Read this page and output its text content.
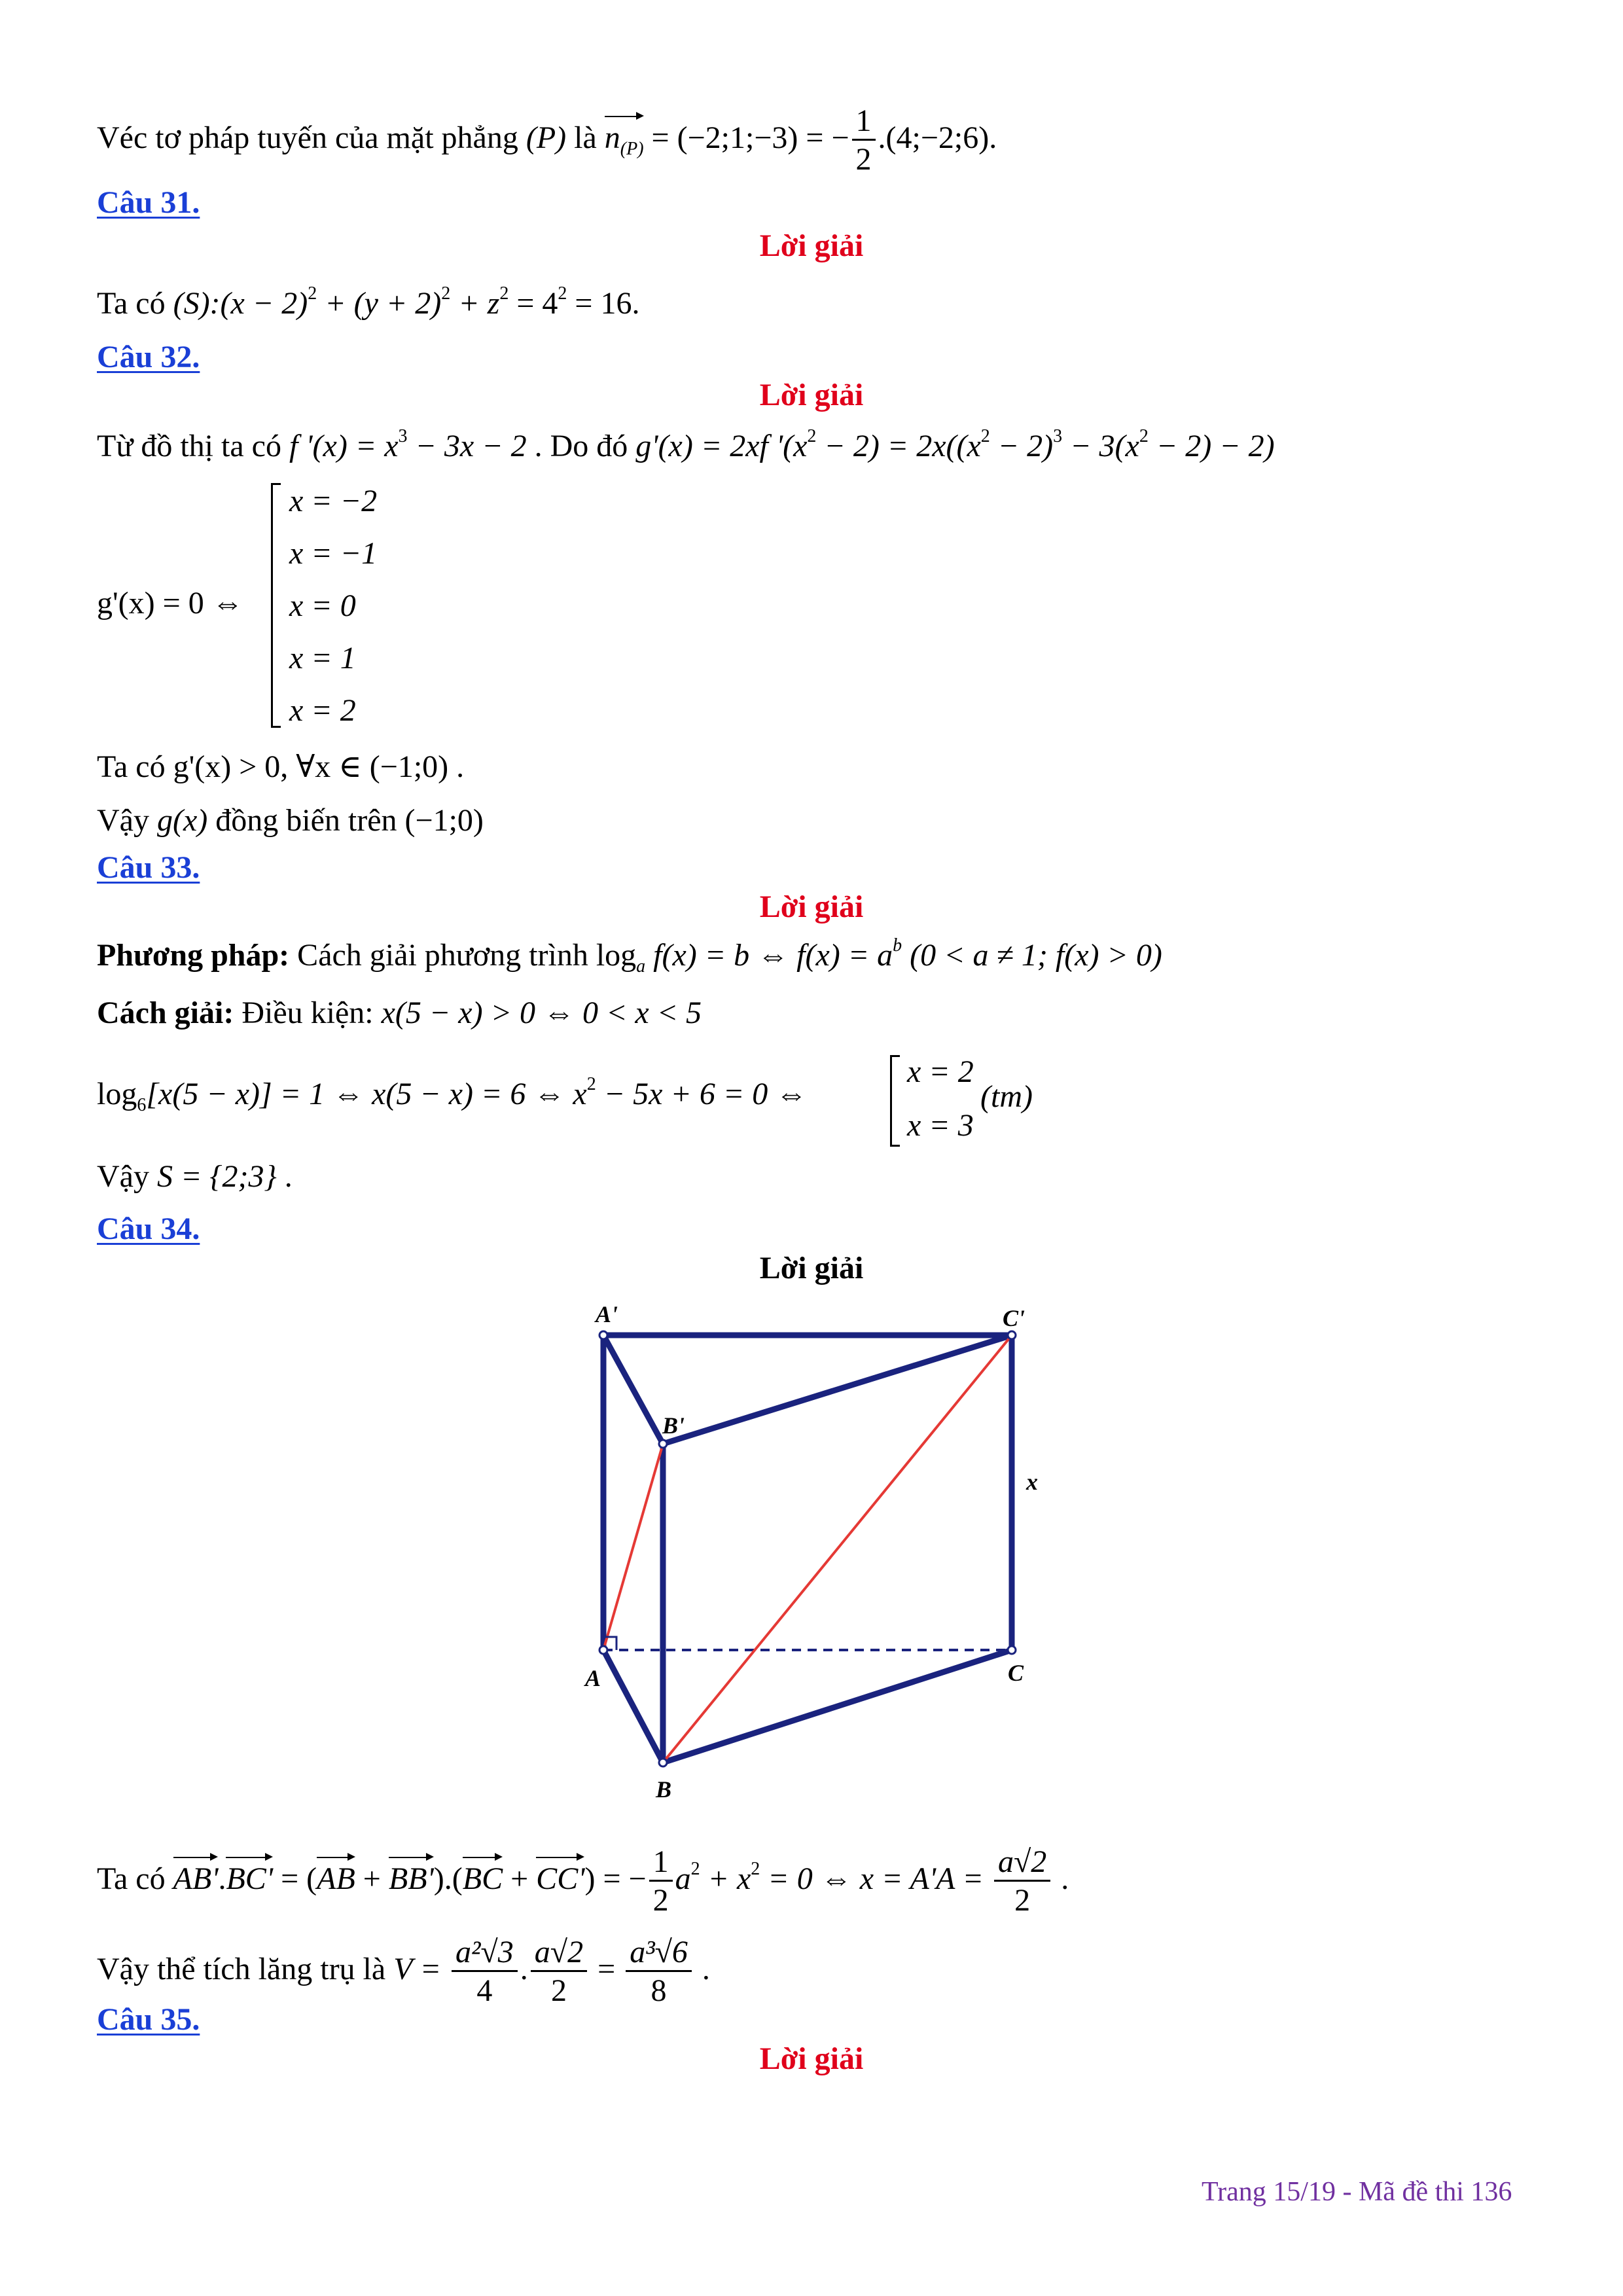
Véc tơ pháp tuyến của mặt phẳng (P) là $n_{(P)}$ = (−2;1;−3) = − $\frac{1}{2}$ .(4;−2;6).
Câu 31.
Lời giải
Ta có (S):(x − $2)^2 + (y + 2)^2 + z^2 = 4^2 = 16$.
Câu 32.
Lời giải
Từ đồ thị ta có f '$(x) = x^3 - 3x - 2$ . Do đó g'(x) = 2xf '$(x^2 - 2) = 2x((x^2 - 2)^3 - 3(x^2 - 2) - 2)$
g'(x) = 0 ⇔
x = −2
x = −1
x = 0
x = 1
x = 2
Ta có g'(x) > 0, ∀x ∈ (−1;0) .
Vậy g(x) đồng biến trên (−1;0)
Câu 33.
Lời giải
Phương pháp: Cách giải phương trình $\log_a f(x) = b$ ⇔ $f(x) = a^b$ (0 < a ≠ 1; f(x) > 0)
Cách giải: Điều kiện: x(5 − x) > 0 ⇔ 0 < x < 5
$\log_6[x(5 - x)] = 1$ ⇔ x(5 − x) = 6 ⇔ $x^2 - 5x + 6 = 0$ ⇔
x = 2
x = 3
(tm)
Vậy S = {2;3} .
Câu 34.
Lời giải
A'	C'
B'
x
A	C
B
Ta có AB'.BC' = (AB + BB').(BC + CC') = − $\frac{1}{2} a^2 + x^2 = 0$ ⇔ $x = A'A = \frac{a√2}{2}$ .
Vậy thể tích lăng trụ là $V = \frac{\text{a²√3}}{4}$ . $\frac{a√2}{2} = \frac{\text{a³√6}}{8}$ .
Câu 35.
Lời giải
Trang 15/19 - Mã đề thi 136
